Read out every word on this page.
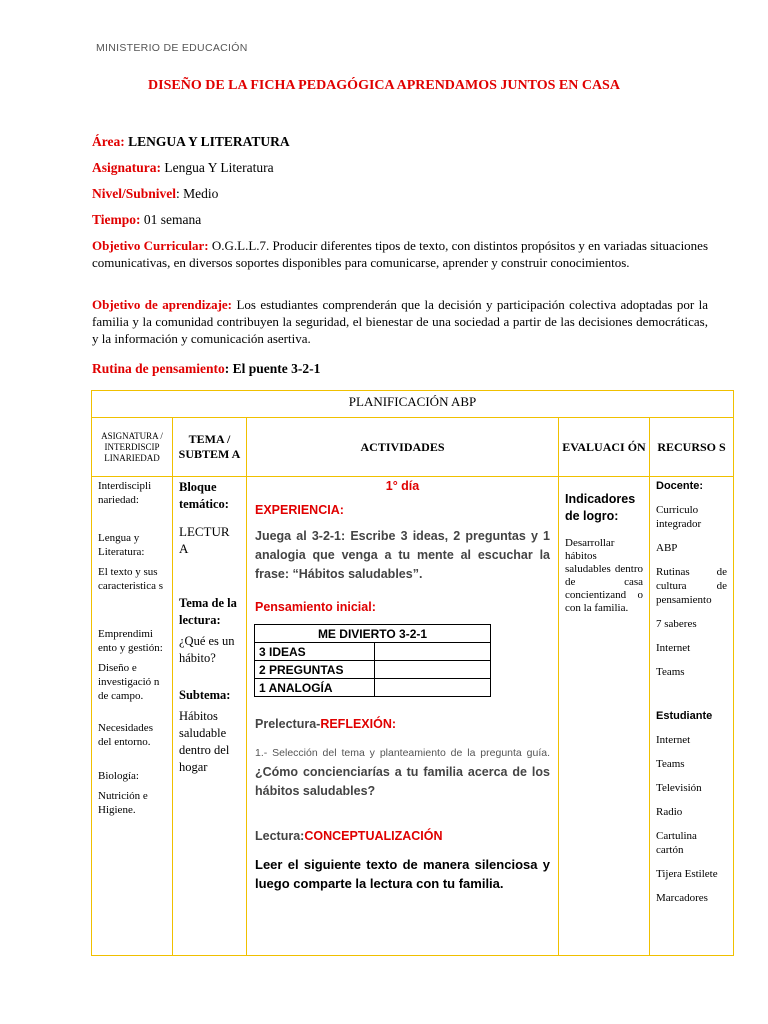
MINISTERIO DE EDUCACIÓN
DISEÑO DE LA FICHA PEDAGÓGICA APRENDAMOS JUNTOS EN CASA
Área: LENGUA Y LITERATURA
Asignatura: Lengua Y Literatura
Nivel/Subnivel: Medio
Tiempo: 01 semana
Objetivo Curricular: O.G.L.L.7. Producir diferentes tipos de texto, con distintos propósitos y en variadas situaciones comunicativas, en diversos soportes disponibles para comunicarse, aprender y construir conocimientos.
Objetivo de aprendizaje: Los estudiantes comprenderán que la decisión y participación colectiva adoptadas por la familia y la comunidad contribuyen la seguridad, el bienestar de una sociedad a partir de las decisiones democráticas, y la información y comunicación asertiva.
Rutina de pensamiento: El puente 3-2-1
PLANIFICACIÓN ABP
ASIGNATURA / INTERDISCIP LINARIEDAD	TEMA / SUBTEM A	ACTIVIDADES	EVALUACI ÓN	RECURSO S

Interdiscipli nariedad:
Lengua y Literatura:
El texto y sus caracteristica s
Emprendimi ento y gestión:
Diseño e investigació n de campo.
Necesidades del entorno.
Biología:
Nutrición e Higiene.

Bloque temático:
LECTUR A
Tema de la lectura:
¿Qué es un hábito?
Subtema:
Hábitos saludable dentro del hogar

1° día
EXPERIENCIA:
Juega al 3-2-1: Escribe 3 ideas, 2 preguntas y 1 analogia que venga a tu mente al escuchar la frase: “Hábitos saludables”.
Pensamiento inicial:
ME DIVIERTO 3-2-1
3 IDEAS	
2 PREGUNTAS	
1 ANALOGÍA	
Prelectura-REFLEXIÓN:
1.- Selección del tema y planteamiento de la pregunta guía. ¿Cómo concienciarías a tu familia acerca de los hábitos saludables?
Lectura:CONCEPTUALIZACIÓN
Leer el siguiente texto de manera silenciosa y luego comparte la lectura con tu familia.

Indicadores de logro:
Desarrollar hábitos saludables dentro de casa concientizand o con la familia.

Docente:
Curriculo integrador
ABP
Rutinas de cultura de pensamiento
7 saberes
Internet
Teams
Estudiante
Internet
Teams
Televisión
Radio
Cartulina cartón
Tijera Estilete
Marcadores
